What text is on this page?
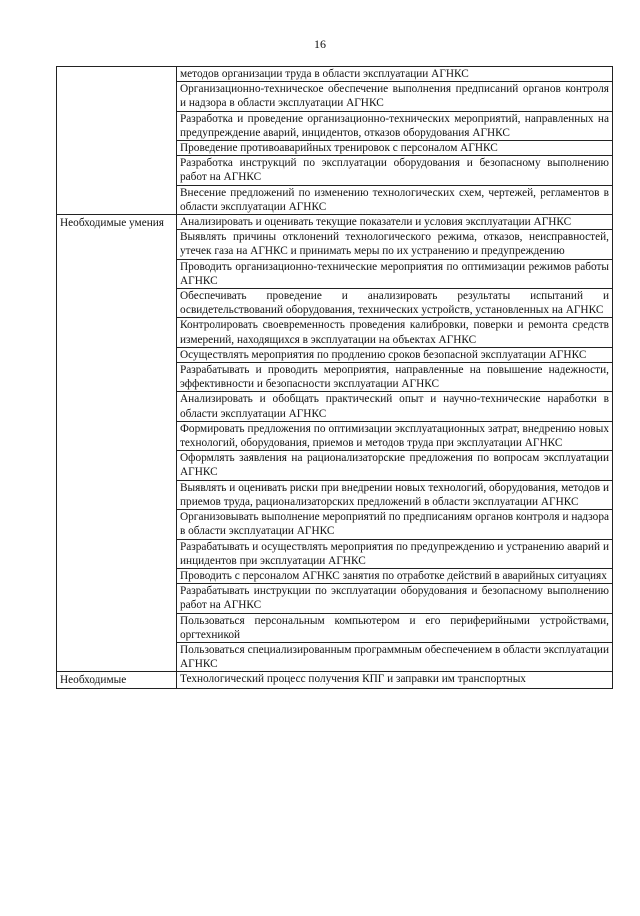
16
	методов организации труда в области эксплуатации АГНКС
	Организационно-техническое обеспечение выполнения предписаний органов контроля и надзора в области эксплуатации АГНКС
	Разработка и проведение организационно-технических мероприятий, направленных на предупреждение аварий, инцидентов, отказов оборудования АГНКС
	Проведение противоаварийных тренировок с персоналом АГНКС
	Разработка инструкций по эксплуатации оборудования и безопасному выполнению работ на АГНКС
	Внесение предложений по изменению технологических схем, чертежей, регламентов в области эксплуатации АГНКС
Необходимые умения	Анализировать и оценивать текущие показатели и условия эксплуатации АГНКС
	Выявлять причины отклонений технологического режима, отказов, неисправностей, утечек газа на АГНКС и принимать меры по их устранению и предупреждению
	Проводить организационно-технические мероприятия по оптимизации режимов работы АГНКС
	Обеспечивать проведение и анализировать результаты испытаний и освидетельствований оборудования, технических устройств, установленных на АГНКС
	Контролировать своевременность проведения калибровки, поверки и ремонта средств измерений, находящихся в эксплуатации на объектах АГНКС
	Осуществлять мероприятия по продлению сроков безопасной эксплуатации АГНКС
	Разрабатывать и проводить мероприятия, направленные на повышение надежности, эффективности и безопасности эксплуатации АГНКС
	Анализировать и обобщать практический опыт и научно-технические наработки в области эксплуатации АГНКС
	Формировать предложения по оптимизации эксплуатационных затрат, внедрению новых технологий, оборудования, приемов и методов труда при эксплуатации АГНКС
	Оформлять заявления на рационализаторские предложения по вопросам эксплуатации АГНКС
	Выявлять и оценивать риски при внедрении новых технологий, оборудования, методов и приемов труда, рационализаторских предложений в области эксплуатации АГНКС
	Организовывать выполнение мероприятий по предписаниям органов контроля и надзора в области эксплуатации АГНКС
	Разрабатывать и осуществлять мероприятия по предупреждению и устранению аварий и инцидентов при эксплуатации АГНКС
	Проводить с персоналом АГНКС занятия по отработке действий в аварийных ситуациях
	Разрабатывать инструкции по эксплуатации оборудования и безопасному выполнению работ на АГНКС
	Пользоваться персональным компьютером и его периферийными устройствами, оргтехникой
	Пользоваться специализированным программным обеспечением в области эксплуатации АГНКС
Необходимые	Технологический процесс получения КПГ и заправки им транспортных
